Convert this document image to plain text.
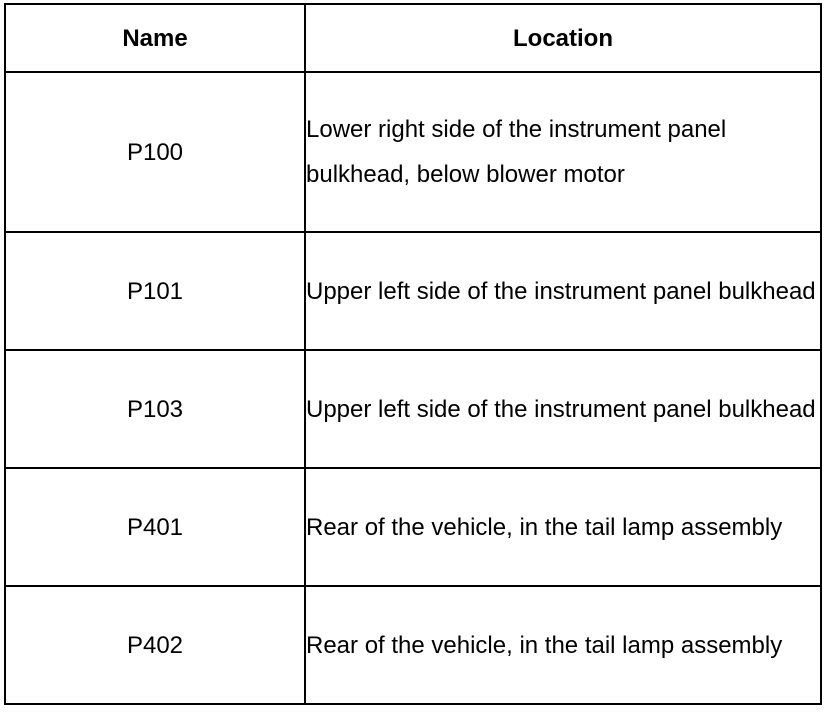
Name	Location
P100	Lower right side of the instrument panel bulkhead, below blower motor
P101	Upper left side of the instrument panel bulkhead
P103	Upper left side of the instrument panel bulkhead
P401	Rear of the vehicle, in the tail lamp assembly
P402	Rear of the vehicle, in the tail lamp assembly
